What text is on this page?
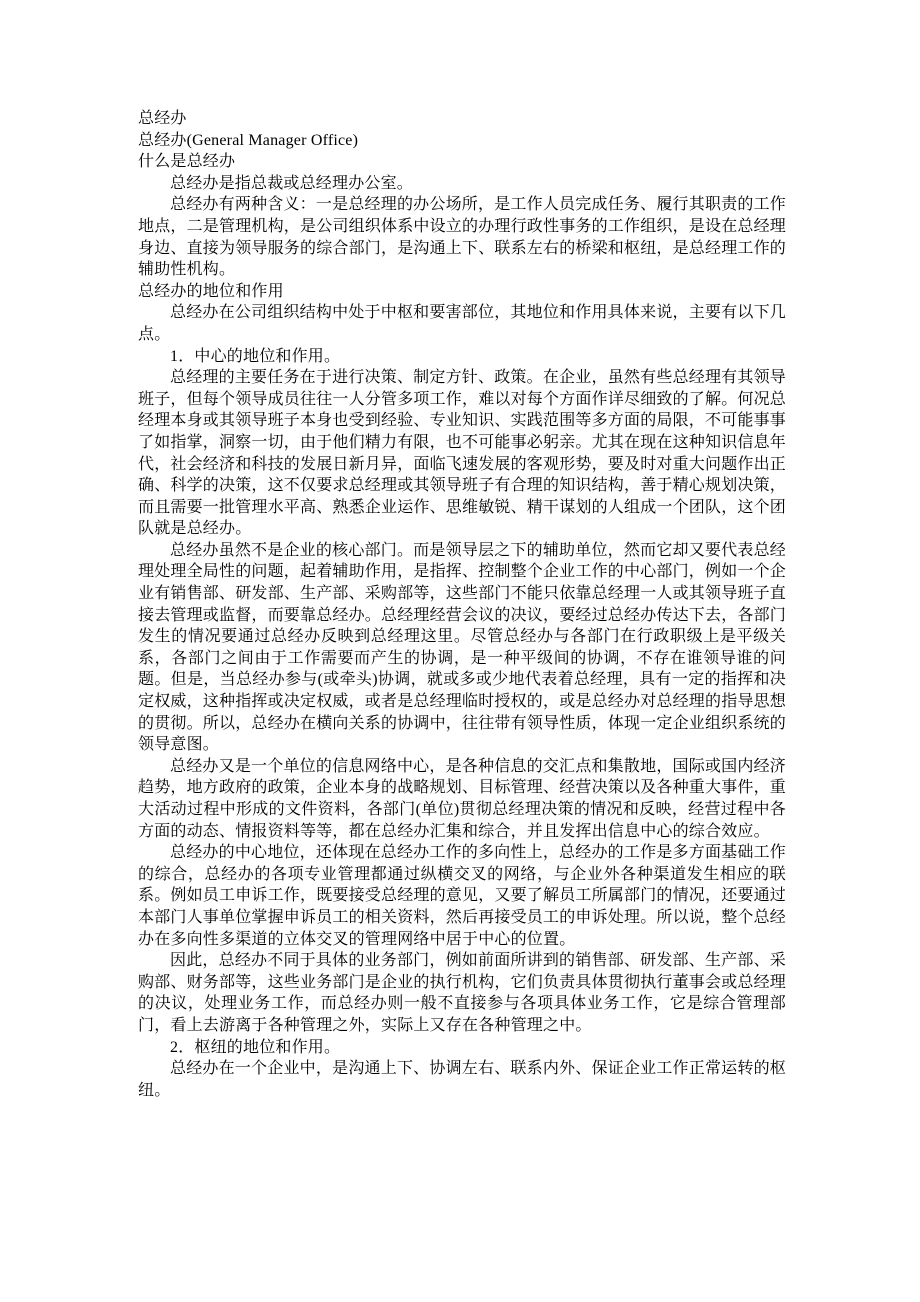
总经办

总经办(General Manager Office)

什么是总经办

总经办是指总裁或总经理办公室。

总经办有两种含义：一是总经理的办公场所，是工作人员完成任务、履行其职责的工作地点，二是管理机构，是公司组织体系中设立的办理行政性事务的工作组织，是设在总经理身边、直接为领导服务的综合部门，是沟通上下、联系左右的桥梁和枢纽，是总经理工作的辅助性机构。

总经办的地位和作用

总经办在公司组织结构中处于中枢和要害部位，其地位和作用具体来说，主要有以下几点。

1．中心的地位和作用。

总经理的主要任务在于进行决策、制定方针、政策。在企业，虽然有些总经理有其领导班子，但每个领导成员往往一人分管多项工作，难以对每个方面作详尽细致的了解。何况总经理本身或其领导班子本身也受到经验、专业知识、实践范围等多方面的局限，不可能事事了如指掌，洞察一切，由于他们精力有限，也不可能事必躬亲。尤其在现在这种知识信息年代，社会经济和科技的发展日新月异，面临飞速发展的客观形势，要及时对重大问题作出正确、科学的决策，这不仅要求总经理或其领导班子有合理的知识结构，善于精心规划决策，而且需要一批管理水平高、熟悉企业运作、思维敏锐、精干谋划的人组成一个团队，这个团队就是总经办。

总经办虽然不是企业的核心部门。而是领导层之下的辅助单位，然而它却又要代表总经理处理全局性的问题，起着辅助作用，是指挥、控制整个企业工作的中心部门，例如一个企业有销售部、研发部、生产部、采购部等，这些部门不能只依靠总经理一人或其领导班子直接去管理或监督，而要靠总经办。总经理经营会议的决议，要经过总经办传达下去，各部门发生的情况要通过总经办反映到总经理这里。尽管总经办与各部门在行政职级上是平级关系，各部门之间由于工作需要而产生的协调，是一种平级间的协调，不存在谁领导谁的问题。但是，当总经办参与(或牵头)协调，就或多或少地代表着总经理，具有一定的指挥和决定权威，这种指挥或决定权威，或者是总经理临时授权的，或是总经办对总经理的指导思想的贯彻。所以，总经办在横向关系的协调中，往往带有领导性质，体现一定企业组织系统的领导意图。

总经办又是一个单位的信息网络中心，是各种信息的交汇点和集散地，国际或国内经济趋势，地方政府的政策，企业本身的战略规划、目标管理、经营决策以及各种重大事件，重大活动过程中形成的文件资料，各部门(单位)贯彻总经理决策的情况和反映，经营过程中各方面的动态、情报资料等等，都在总经办汇集和综合，并且发挥出信息中心的综合效应。

总经办的中心地位，还体现在总经办工作的多向性上，总经办的工作是多方面基础工作的综合，总经办的各项专业管理都通过纵横交叉的网络，与企业外各种渠道发生相应的联系。例如员工申诉工作，既要接受总经理的意见，又要了解员工所属部门的情况，还要通过本部门人事单位掌握申诉员工的相关资料，然后再接受员工的申诉处理。所以说，整个总经办在多向性多渠道的立体交叉的管理网络中居于中心的位置。

因此，总经办不同于具体的业务部门，例如前面所讲到的销售部、研发部、生产部、采购部、财务部等，这些业务部门是企业的执行机构，它们负责具体贯彻执行董事会或总经理的决议，处理业务工作，而总经办则一般不直接参与各项具体业务工作，它是综合管理部门，看上去游离于各种管理之外，实际上又存在各种管理之中。

2．枢纽的地位和作用。

总经办在一个企业中，是沟通上下、协调左右、联系内外、保证企业工作正常运转的枢纽。
